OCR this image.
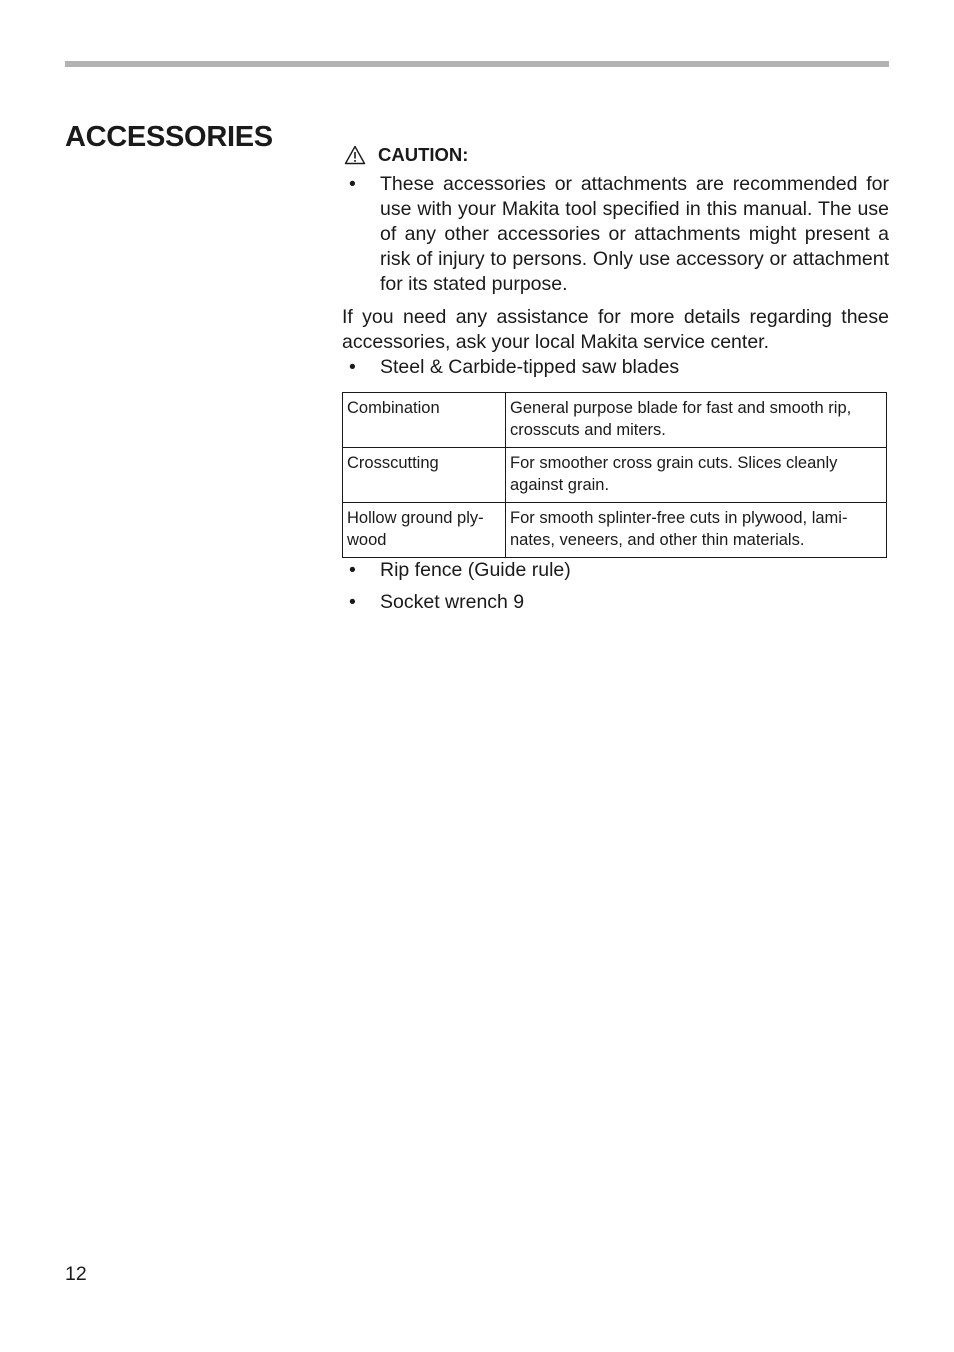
ACCESSORIES
CAUTION:
• These accessories or attachments are recommended for use with your Makita tool specified in this manual. The use of any other accessories or attachments might present a risk of injury to persons. Only use accessory or attachment for its stated purpose.

If you need any assistance for more details regarding these accessories, ask your local Makita service center.

• Steel & Carbide-tipped saw blades
Combination	General purpose blade for fast and smooth rip, crosscuts and miters.
Crosscutting	For smoother cross grain cuts. Slices cleanly against grain.
Hollow ground ply-wood	For smooth splinter-free cuts in plywood, lami-nates, veneers, and other thin materials.
• Rip fence (Guide rule)
• Socket wrench 9
12
